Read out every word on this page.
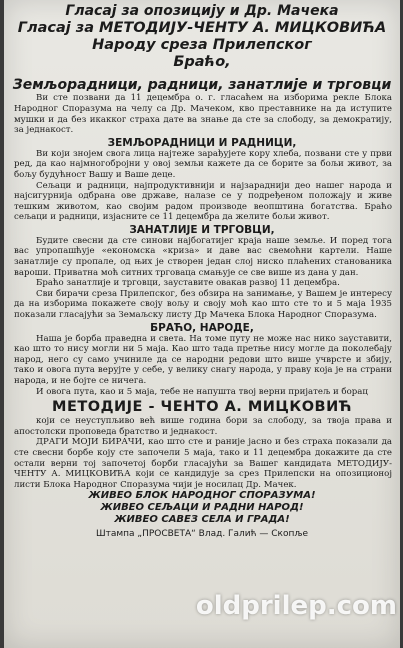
Гласај за опозицију и Др. Мачека
Гласај за МЕТОДИЈУ-ЧЕНТУ А. МИЦКОВИЋА
Народу среза Прилепског
Браћо,
Земљорадници, радници, занатлије и трговци
Ви сте позвани да 11 децембра о. г. гласаћем на изборима рекле Блока Народног Споразума на челу са Др. Мачеком, кво преставнике на да иступите мушки и да без икакког страха дате ва знање да сте за слободу, за демократију, за једнакост.
ЗЕМЉОРАДНИЦИ И РАДНИЦИ,
Ви који знојем свога лица најтеже зарађујете кору хлеба, позвани сте у први ред, да као најмногобројни у овој земљи кажете да се борите за бољи живот, за бољу будућност Вашу и Ваше деце.
Сељаци и радници, најпродуктивнији и најзараднији део нашег народа и најсигурнија одбрана ове државе, налазе се у подређеном положају и живе тешким животом, као својим радом производе веопштина богатства. Браћо сељаци и радници, изјасните се 11 децембра да желите бољи живот.
ЗАНАТЛИЈЕ И ТРГОВЦИ,
Будите свесни да сте синови најбогатијег краја наше земље. И поред тога вас упропашћује «економска «криза» и даве вас свемоћни картели. Наше занатлије су пропале, од њих је створен један слој ниско плаћених станованика вароши. Приватна моћ ситних трговаца смањује се све више из дана у дан.
Браћо занатлије и трговци, зауставите овакав развој 11 децембра.
Сви бирачи среза Прилепског, без обзира на занимање, у Вашем је интересу да на изборима покажете своју вољу и своју моћ као што сте то и 5 маја 1935 показали гласајући за Земаљску листу Др Мачека Блока Народног Споразума.
БРАЋО, НАРОДЕ,
Наша је борба праведна и света. На томе путу не може нас нико зауставити, као што то нису могли ни 5 маја. Као што тада претње нису могле да поколебају народ, него су само учиниле да се народни редови што више учврсте и збију, тако и овога пута верујте у себе, у велику снагу народа, у праву која је на страни народа, и не бојте се ничега.
И овога пута, као и 5 маја, тебе не напушта твој верни пријатељ и борац
МЕТОДИЈЕ - ЧЕНТО А. МИЦКОВИЋ
који се неуступљиво већ више година бори за слободу, за твоја права и апостолски проповеда братство и једнакост.
ДРАГИ МОЈИ БИРАЧИ, као што сте и раније јасно и без страха показали да сте свесни борбе коју сте започели 5 маја, тако и 11 децембра докажите да сте остали верни тој започетој борби гласајући за Вашег кандидата МЕТОДИЈУ-ЧЕНТУ А. МИЦКОВИЋА који се кандидује за срез Прилепски на опозиционој листи Блока Народног Споразума чији је носилац Др. Мачек.
ЖИВЕО БЛОК НАРОДНОГ СПОРАЗУМА!
ЖИВЕО СЕЉАЦИ И РАДНИ НАРОД!
ЖИВЕО САВЕЗ СЕЛА И ГРАДА!
Штампа „ПРОСВЕТА“ Влад. Галић — Скопље
oldprilep.com
